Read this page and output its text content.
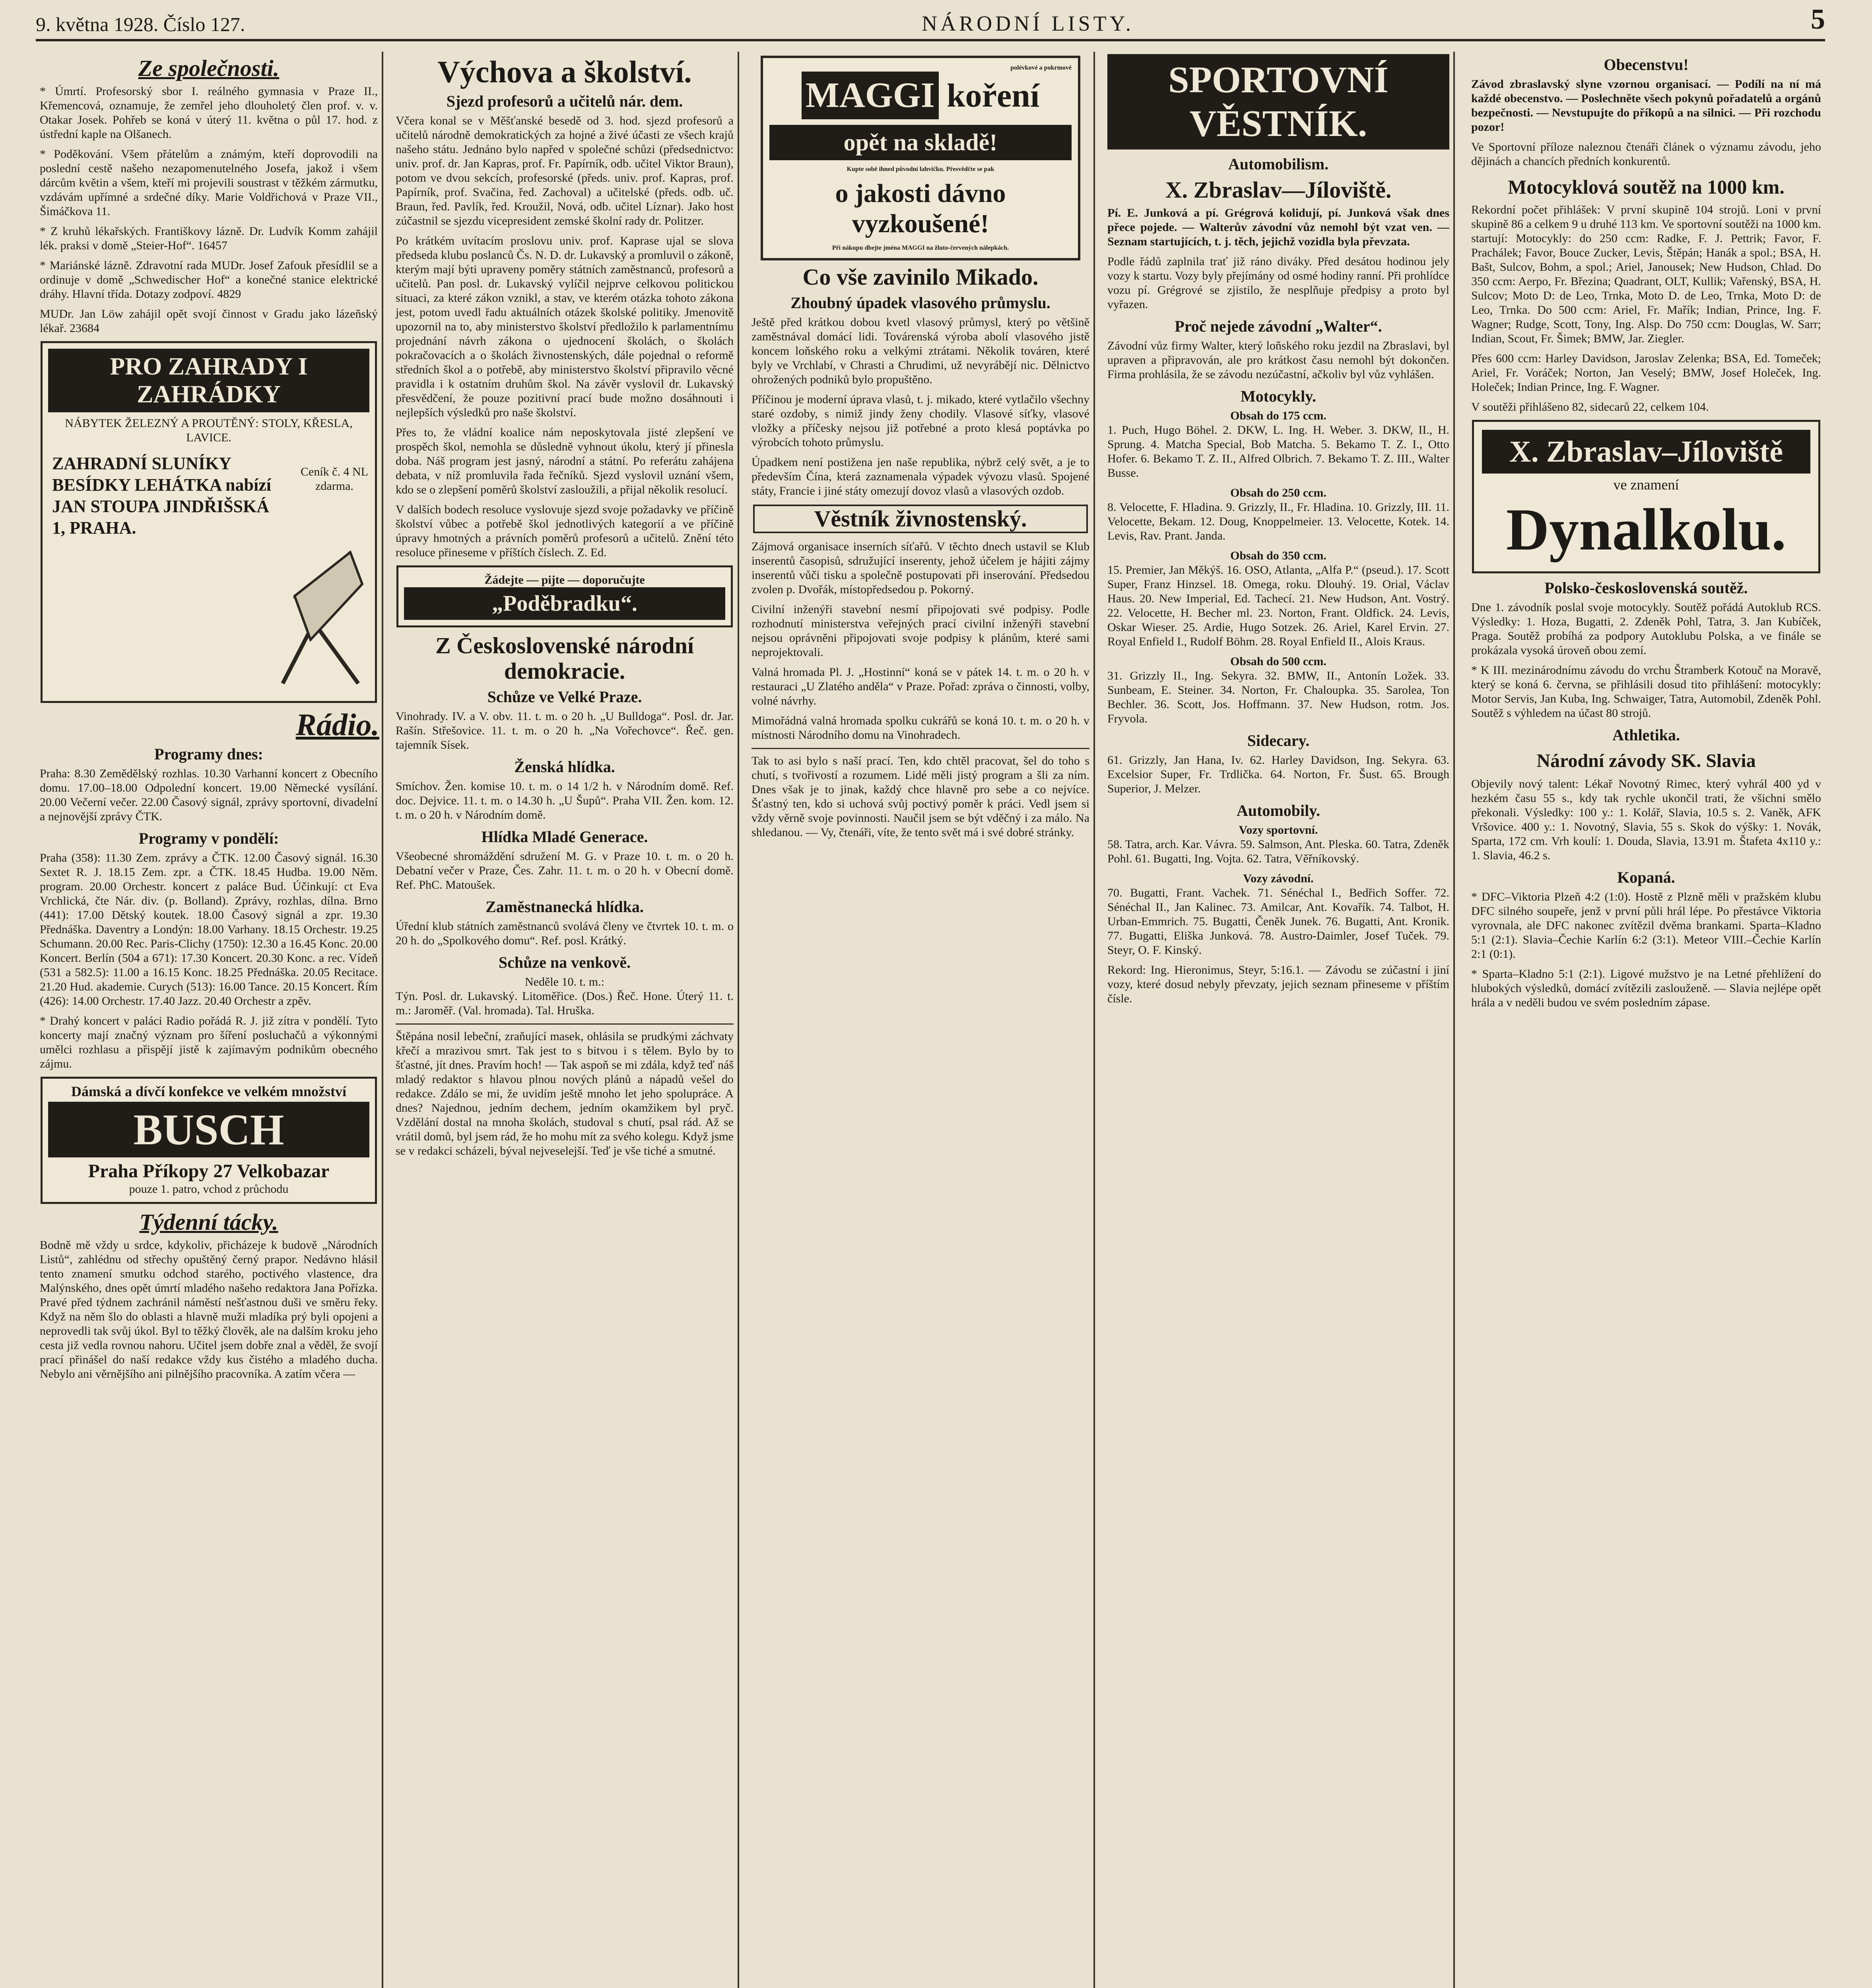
9. května 1928. Číslo 127.	NÁRODNÍ LISTY.	5
Ze společnosti.

* Úmrtí. Profesorský sbor I. reálného gymnasia v Praze II., Křemencová, oznamuje, že zemřel jeho dlouholetý člen prof. v. v. Otakar Josek. Pohřeb se koná v úterý 11. května o půl 17. hod. z ústřední kaple na Olšanech.

* Poděkování. Všem přátelům a známým, kteří doprovodili na poslední cestě našeho nezapomenutelného Josefa, jakož i všem dárcům květin a všem, kteří mi projevili soustrast v těžkém zármutku, vzdávám upřímné a srdečné díky. Marie Voldřichová v Praze VII., Šimáčkova 11.

* Z kruhů lékařských. Františkovy lázně. Dr. Ludvík Komm zahájil lék. praksi v domě „Steier-Hof“. 16457

* Mariánské lázně. Zdravotní rada MUDr. Josef Zafouk přesídlil se a ordinuje v domě „Schwedischer Hof“ a konečné stanice elektrické dráhy. Hlavní třída. Dotazy zodpoví. 4829

MUDr. Jan Löw zahájil opět svojí činnost v Gradu jako lázeňský lékař. 23684

PRO ZAHRADY I ZAHRÁDKY
NÁBYTEK ŽELEZNÝ A PROUTĚNÝ: STOLY, KŘESLA, LAVICE.
ZAHRADNÍ SLUNÍKY BESÍDKY LEHÁTKA nabízí JAN STOUPA JINDŘIŠSKÁ 1, PRAHA.
Ceník č. 4 NL zdarma.
Rádio.
Programy dnes:

Praha: 8.30 Zemědělský rozhlas. 10.30 Varhanní koncert z Obecního domu. 17.00–18.00 Odpolední koncert. 19.00 Německé vysílání. 20.00 Večerní večer. 22.00 Časový signál, zprávy sportovní, divadelní a nejnovější zprávy ČTK.

Programy v pondělí:

Praha (358): 11.30 Zem. zprávy a ČTK. 12.00 Časový signál. 16.30 Sextet R. J. 18.15 Zem. zpr. a ČTK. 18.45 Hudba. 19.00 Něm. program. 20.00 Orchestr. koncert z paláce Bud. Účinkují: ct Eva Vrchlická, čte Nár. div. (p. Bolland). Zprávy, rozhlas, dílna. Brno (441): 17.00 Dětský koutek. 18.00 Časový signál a zpr. 19.30 Přednáška. Daventry a Londýn: 18.00 Varhany. 18.15 Orchestr. 19.25 Schumann. 20.00 Rec. Paris-Clichy (1750): 12.30 a 16.45 Konc. 20.00 Koncert. Berlín (504 a 671): 17.30 Koncert. 20.30 Konc. a rec. Vídeň (531 a 582.5): 11.00 a 16.15 Konc. 18.25 Přednáška. 20.05 Recitace. 21.20 Hud. akademie. Curych (513): 16.00 Tance. 20.15 Koncert. Řím (426): 14.00 Orchestr. 17.40 Jazz. 20.40 Orchestr a zpěv.

* Drahý koncert v paláci Radio pořádá R. J. již zítra v pondělí. Tyto koncerty mají značný význam pro šíření posluchačů a výkonnými umělci rozhlasu a přispějí jistě k zajímavým podnikům obecného zájmu.

Dámská a dívčí konfekce ve velkém množství
BUSCH
Praha Příkopy 27 Velkobazar
pouze 1. patro, vchod z průchodu
Týdenní tácky.

Bodně mě vždy u srdce, kdykoliv, přicházeje k budově „Národních Listů“, zahlédnu od střechy opuštěný černý prapor. Nedávno hlásil tento znamení smutku odchod starého, poctivého vlastence, dra Malýnského, dnes opět úmrtí mladého našeho redaktora Jana Pořízka. Pravé před týdnem zachránil náměstí nešťastnou duši ve směru řeky. Když na něm šlo do oblasti a hlavně muži mladíka prý byli opojeni a neprovedli tak svůj úkol. Byl to těžký člověk, ale na dalším kroku jeho cesta již vedla rovnou nahoru. Učitel jsem dobře znal a věděl, že svojí prací přinášel do naší redakce vždy kus čistého a mladého ducha. Nebylo ani věrnějšího ani pilnějšího pracovníka. A zatím včera —

Výchova a školství.
Sjezd profesorů a učitelů nár. dem.

Včera konal se v Měšťanské besedě od 3. hod. sjezd profesorů a učitelů národně demokratických za hojné a živé účasti ze všech krajů našeho státu. Jednáno bylo napřed v společné schůzi (předsednictvo: univ. prof. dr. Jan Kapras, prof. Fr. Papírník, odb. učitel Viktor Braun), potom ve dvou sekcích, profesorské (předs. univ. prof. Kapras, prof. Papírník, prof. Svačina, řed. Zachoval) a učitelské (předs. odb. uč. Braun, řed. Pavlík, řed. Kroužil, Nová, odb. učitel Líznar). Jako host zúčastnil se sjezdu vicepresident zemské školní rady dr. Politzer.

Po krátkém uvítacím proslovu univ. prof. Kaprase ujal se slova předseda klubu poslanců Čs. N. D. dr. Lukavský a promluvil o zákoně, kterým mají býti upraveny poměry státních zaměstnanců, profesorů a učitelů. Pan posl. dr. Lukavský vylíčil nejprve celkovou politickou situaci, za které zákon vznikl, a stav, ve kterém otázka tohoto zákona jest, potom uvedl řadu aktuálních otázek školské politiky. Jmenovitě upozornil na to, aby ministerstvo školství předložilo k parlamentnímu projednání návrh zákona o ujednocení školách, o školách pokračovacích a o školách živnostenských, dále pojednal o reformě středních škol a o potřebě, aby ministerstvo školství připravilo věcné pravidla i k ostatním druhům škol. Na závěr vyslovil dr. Lukavský přesvědčení, že pouze pozitivní prací bude možno dosáhnouti i nejlepších výsledků pro naše školství.

Přes to, že vládní koalice nám neposkytovala jisté zlepšení ve prospěch škol, nemohla se důsledně vyhnout úkolu, který jí přinesla doba. Náš program jest jasný, národní a státní. Po referátu zahájena debata, v níž promluvila řada řečníků. Sjezd vyslovil uznání všem, kdo se o zlepšení poměrů školství zasloužili, a přijal několik resolucí.

V dalších bodech resoluce vyslovuje sjezd svoje požadavky ve příčině školství vůbec a potřebě škol jednotlivých kategorií a ve příčině úpravy hmotných a právních poměrů profesorů a učitelů. Znění této resoluce přineseme v příštích číslech. Z. Ed.

Žádejte — pijte — doporučujte
„Poděbradku“.
Z Československé národní demokracie.
Schůze ve Velké Praze.

Vinohrady. IV. a V. obv. 11. t. m. o 20 h. „U Bulldoga“. Posl. dr. Jar. Rašín. Střešovice. 11. t. m. o 20 h. „Na Vořechovce“. Řeč. gen. tajemník Sísek.

Ženská hlídka.

Smíchov. Žen. komise 10. t. m. o 14 1/2 h. v Národním domě. Ref. doc. Dejvice. 11. t. m. o 14.30 h. „U Šupů“. Praha VII. Žen. kom. 12. t. m. o 20 h. v Národním domě.

Hlídka Mladé Generace.

Všeobecné shromáždění sdružení M. G. v Praze 10. t. m. o 20 h. Debatní večer v Praze, Čes. Zahr. 11. t. m. o 20 h. v Obecní domě. Ref. PhC. Matoušek.

Zaměstnanecká hlídka.

Úřední klub státních zaměstnanců svolává členy ve čtvrtek 10. t. m. o 20 h. do „Spolkového domu“. Ref. posl. Krátký.

Schůze na venkově.
Neděle 10. t. m.:

Týn. Posl. dr. Lukavský. Litoměřice. (Dos.) Řeč. Hone. Úterý 11. t. m.: Jaroměř. (Val. hromada). Tal. Hruška.

Štěpána nosil lebeční, zraňující masek, ohlásila se prudkými záchvaty křečí a mrazivou smrt. Tak jest to s bitvou i s tělem. Bylo by to šťastné, jít dnes. Pravím hoch! — Tak aspoň se mi zdála, když teď náš mladý redaktor s hlavou plnou nových plánů a nápadů vešel do redakce. Zdálo se mi, že uvidím ještě mnoho let jeho spolupráce. A dnes? Najednou, jedním dechem, jedním okamžikem byl pryč. Vzdělání dostal na mnoha školách, studoval s chutí, psal rád. Až se vrátil domů, byl jsem rád, že ho mohu mít za svého kolegu. Když jsme se v redakci scházeli, býval nejveselejší. Teď je vše tiché a smutné.

polévkové a pokrmové
MAGGI koření
opět na skladě!
Kupte sobě ihned původní lahvičku. Přesvědčte se pak
o jakosti dávno vyzkoušené!
Při nákupu dbejte jména MAGGI na žluto-červených nálepkách.
Co vše zavinilo Mikado.
Zhoubný úpadek vlasového průmyslu.

Ještě před krátkou dobou kvetl vlasový průmysl, který po většině zaměstnával domácí lidi. Továrenská výroba abolí vlasového jistě koncem loňského roku a velkými ztrátami. Několik továren, které byly ve Vrchlabí, v Chrasti a Chrudimi, už nevyrábějí nic. Dělnictvo ohrožených podniků bylo propuštěno.

Příčinou je moderní úprava vlasů, t. j. mikado, které vytlačilo všechny staré ozdoby, s nimiž jindy ženy chodily. Vlasové síťky, vlasové vložky a příčesky nejsou již potřebné a proto klesá poptávka po výrobcích tohoto průmyslu.

Úpadkem není postižena jen naše republika, nýbrž celý svět, a je to především Čína, která zaznamenala výpadek vývozu vlasů. Spojené státy, Francie i jiné státy omezují dovoz vlasů a vlasových ozdob.

Věstník živnostenský.

Zájmová organisace inserních síťařů. V těchto dnech ustavil se Klub inserentů časopisů, sdružující inserenty, jehož účelem je hájiti zájmy inserentů vůči tisku a společně postupovati při inserování. Předsedou zvolen p. Dvořák, místopředsedou p. Pokorný.

Civilní inženýři stavební nesmí připojovati své podpisy. Podle rozhodnutí ministerstva veřejných prací civilní inženýři stavební nejsou oprávněni připojovati svoje podpisy k plánům, které sami neprojektovali.

Valná hromada Pl. J. „Hostinní“ koná se v pátek 14. t. m. o 20 h. v restauraci „U Zlatého anděla“ v Praze. Pořad: zpráva o činnosti, volby, volné návrhy.

Mimořádná valná hromada spolku cukrářů se koná 10. t. m. o 20 h. v místnosti Národního domu na Vinohradech.

Tak to asi bylo s naší prací. Ten, kdo chtěl pracovat, šel do toho s chutí, s tvořivostí a rozumem. Lidé měli jistý program a šli za ním. Dnes však je to jinak, každý chce hlavně pro sebe a co nejvíce. Šťastný ten, kdo si uchová svůj poctivý poměr k práci. Vedl jsem si vždy věrně svoje povinnosti. Naučil jsem se být vděčný i za málo. Na shledanou. — Vy, čtenáři, víte, že tento svět má i své dobré stránky.

SPORTOVNÍ VĚSTNÍK.
Automobilism.
X. Zbraslav—Jíloviště.

Pí. E. Junková a pí. Grégrová kolidují, pí. Junková však dnes přece pojede. — Walterův závodní vůz nemohl být vzat ven. — Seznam startujících, t. j. těch, jejichž vozidla byla převzata.

Podle řádů zaplnila trať již ráno diváky. Před desátou hodinou jely vozy k startu. Vozy byly přejímány od osmé hodiny ranní. Při prohlídce vozu pí. Grégrové se zjistilo, že nesplňuje předpisy a proto byl vyřazen.

Proč nejede závodní „Walter“.

Závodní vůz firmy Walter, který loňského roku jezdil na Zbraslavi, byl upraven a připravován, ale pro krátkost času nemohl být dokončen. Firma prohlásila, že se závodu nezúčastní, ačkoliv byl vůz vyhlášen.

Motocykly.
Obsah do 175 ccm.

1. Puch, Hugo Böhel. 2. DKW, L. Ing. H. Weber. 3. DKW, II., H. Sprung. 4. Matcha Special, Bob Matcha. 5. Bekamo T. Z. I., Otto Hofer. 6. Bekamo T. Z. II., Alfred Olbrich. 7. Bekamo T. Z. III., Walter Busse.

Obsah do 250 ccm.

8. Velocette, F. Hladina. 9. Grizzly, II., Fr. Hladina. 10. Grizzly, III. 11. Velocette, Bekam. 12. Doug, Knoppelmeier. 13. Velocette, Kotek. 14. Levis, Rav. Prant. Janda.

Obsah do 350 ccm.

15. Premier, Jan Měkýš. 16. OSO, Atlanta, „Alfa P.“ (pseud.). 17. Scott Super, Franz Hinzsel. 18. Omega, roku. Dlouhý. 19. Orial, Václav Haus. 20. New Imperial, Ed. Tachecí. 21. New Hudson, Ant. Vostrý. 22. Velocette, H. Becher ml. 23. Norton, Frant. Oldfick. 24. Levis, Oskar Wieser. 25. Ardie, Hugo Sotzek. 26. Ariel, Karel Ervin. 27. Royal Enfield I., Rudolf Böhm. 28. Royal Enfield II., Alois Kraus.

Obsah do 500 ccm.

31. Grizzly II., Ing. Sekyra. 32. BMW, II., Antonín Ložek. 33. Sunbeam, E. Steiner. 34. Norton, Fr. Chaloupka. 35. Sarolea, Ton Bechler. 36. Scott, Jos. Hoffmann. 37. New Hudson, rotm. Jos. Fryvola.

Sidecary.

61. Grizzly, Jan Hana, Iv. 62. Harley Davidson, Ing. Sekyra. 63. Excelsior Super, Fr. Trdlička. 64. Norton, Fr. Šust. 65. Brough Superior, J. Melzer.

Automobily.
Vozy sportovní.

58. Tatra, arch. Kar. Vávra. 59. Salmson, Ant. Pleska. 60. Tatra, Zdeněk Pohl. 61. Bugatti, Ing. Vojta. 62. Tatra, Věřníkovský.

Vozy závodní.

70. Bugatti, Frant. Vachek. 71. Sénéchal I., Bedřich Soffer. 72. Sénéchal II., Jan Kalinec. 73. Amilcar, Ant. Kovařík. 74. Talbot, H. Urban-Emmrich. 75. Bugatti, Čeněk Junek. 76. Bugatti, Ant. Kronik. 77. Bugatti, Eliška Junková. 78. Austro-Daimler, Josef Tuček. 79. Steyr, O. F. Kinský.

Rekord: Ing. Hieronimus, Steyr, 5:16.1. — Závodu se zúčastní i jiní vozy, které dosud nebyly převzaty, jejich seznam přineseme v příštím čísle.

Obecenstvu!

Závod zbraslavský slyne vzornou organisací. — Podílí na ní má každé obecenstvo. — Poslechněte všech pokynů pořadatelů a orgánů bezpečnosti. — Nevstupujte do příkopů a na silnici. — Při rozchodu pozor!

Ve Sportovní příloze naleznou čtenáři článek o významu závodu, jeho dějinách a chancích předních konkurentů.

Motocyklová soutěž na 1000 km.

Rekordní počet přihlášek: V první skupině 104 strojů. Loni v první skupině 86 a celkem 9 u druhé 113 km. Ve sportovní soutěži na 1000 km. startují: Motocykly: do 250 ccm: Radke, F. J. Pettrik; Favor, F. Prachálek; Favor, Bouce Zucker, Levis, Štěpán; Hanák a spol.; BSA, H. Bašt, Sulcov, Bohm, a spol.; Ariel, Janousek; New Hudson, Chlad. Do 350 ccm: Aerpo, Fr. Březina; Quadrant, OLT, Kullik; Vařenský, BSA, H. Sulcov; Moto D: de Leo, Trnka, Moto D. de Leo, Trnka, Moto D: de Leo, Trnka. Do 500 ccm: Ariel, Fr. Mařík; Indian, Prince, Ing. F. Wagner; Rudge, Scott, Tony, Ing. Alsp. Do 750 ccm: Douglas, W. Sarr; Indian, Scout, Fr. Šimek; BMW, Jar. Ziegler.

Přes 600 ccm: Harley Davidson, Jaroslav Zelenka; BSA, Ed. Tomeček; Ariel, Fr. Voráček; Norton, Jan Veselý; BMW, Josef Holeček, Ing. Holeček; Indian Prince, Ing. F. Wagner.

V soutěži přihlášeno 82, sidecarů 22, celkem 104.

X. Zbraslav–Jíloviště
ve znamení
Dynalkolu.
Polsko-československá soutěž.

Dne 1. závodník poslal svoje motocykly. Soutěž pořádá Autoklub RCS. Výsledky: 1. Hoza, Bugatti, 2. Zdeněk Pohl, Tatra, 3. Jan Kubíček, Praga. Soutěž probíhá za podpory Autoklubu Polska, a ve finále se prokázala vysoká úroveň obou zemí.

* K III. mezinárodnímu závodu do vrchu Štramberk Kotouč na Moravě, který se koná 6. června, se přihlásili dosud tito přihlášení: motocykly: Motor Servis, Jan Kuba, Ing. Schwaiger, Tatra, Automobil, Zdeněk Pohl. Soutěž s výhledem na účast 80 strojů.

Athletika.
Národní závody SK. Slavia

Objevily nový talent: Lékař Novotný Rimec, který vyhrál 400 yd v hezkém času 55 s., kdy tak rychle ukončil trati, že všichni smělo překonali. Výsledky: 100 y.: 1. Kolář, Slavia, 10.5 s. 2. Vaněk, AFK Vršovice. 400 y.: 1. Novotný, Slavia, 55 s. Skok do výšky: 1. Novák, Sparta, 172 cm. Vrh koulí: 1. Douda, Slavia, 13.91 m. Štafeta 4x110 y.: 1. Slavia, 46.2 s.

Kopaná.

* DFC–Viktoria Plzeň 4:2 (1:0). Hostě z Plzně měli v pražském klubu DFC silného soupeře, jenž v první půli hrál lépe. Po přestávce Viktoria vyrovnala, ale DFC nakonec zvítězil dvěma brankami. Sparta–Kladno 5:1 (2:1). Slavia–Čechie Karlín 6:2 (3:1). Meteor VIII.–Čechie Karlín 2:1 (0:1).

* Sparta–Kladno 5:1 (2:1). Ligové mužstvo je na Letné přehlížení do hlubokých výsledků, domácí zvítězili zaslouženě. — Slavia nejlépe opět hrála a v neděli budou ve svém posledním zápase.
